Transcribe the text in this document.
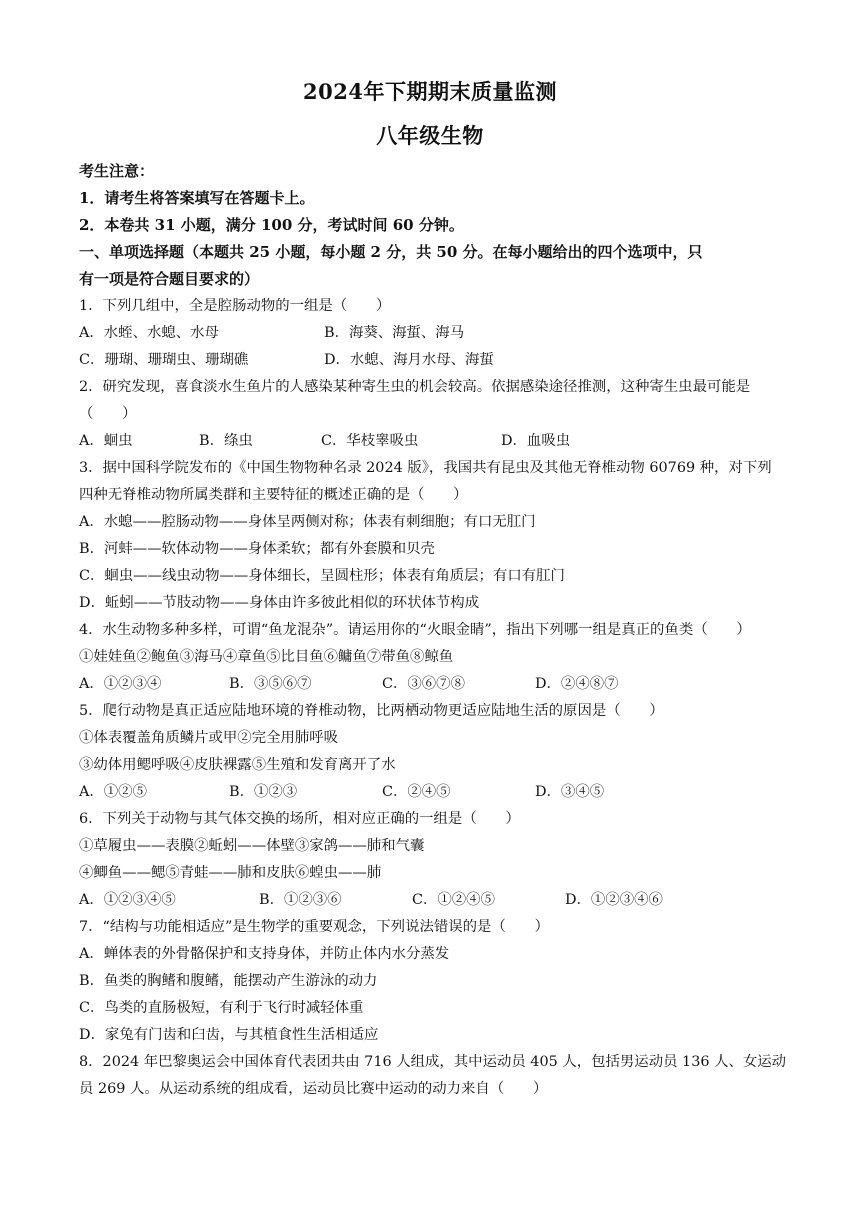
2024年下期期末质量监测
八年级生物
考生注意：
1．请考生将答案填写在答题卡上。
2．本卷共 31 小题，满分 100 分，考试时间 60 分钟。
一、单项选择题（本题共 25 小题，每小题 2 分，共 50 分。在每小题给出的四个选项中，只
有一项是符合题目要求的）
1．下列几组中，全是腔肠动物的一组是（　　）
A．水蛭、水螅、水母	B．海葵、海蜇、海马
C．珊瑚、珊瑚虫、珊瑚礁	D．水螅、海月水母、海蜇
2．研究发现，喜食淡水生鱼片的人感染某种寄生虫的机会较高。依据感染途径推测，这种寄生虫最可能是
（　　）
A．蛔虫	B．绦虫	C．华枝睾吸虫	D．血吸虫
3．据中国科学院发布的《中国生物物种名录 2024 版》，我国共有昆虫及其他无脊椎动物 60769 种，对下列
四种无脊椎动物所属类群和主要特征的概述正确的是（　　）
A．水螅——腔肠动物——身体呈两侧对称；体表有刺细胞；有口无肛门
B．河蚌——软体动物——身体柔软；都有外套膜和贝壳
C．蛔虫——线虫动物——身体细长，呈圆柱形；体表有角质层；有口有肛门
D．蚯蚓——节肢动物——身体由许多彼此相似的环状体节构成
4．水生动物多种多样，可谓“鱼龙混杂”。请运用你的“火眼金睛”，指出下列哪一组是真正的鱼类（　　）
①娃娃鱼②鲍鱼③海马④章鱼⑤比目鱼⑥鳙鱼⑦带鱼⑧鲸鱼
A．①②③④	B．③⑤⑥⑦	C．③⑥⑦⑧	D．②④⑧⑦
5．爬行动物是真正适应陆地环境的脊椎动物，比两栖动物更适应陆地生活的原因是（　　）
①体表覆盖角质鳞片或甲②完全用肺呼吸
③幼体用鳃呼吸④皮肤裸露⑤生殖和发育离开了水
A．①②⑤	B．①②③	C．②④⑤	D．③④⑤
6．下列关于动物与其气体交换的场所，相对应正确的一组是（　　）
①草履虫——表膜②蚯蚓——体壁③家鸽——肺和气囊
④鲫鱼——鳃⑤青蛙——肺和皮肤⑥蝗虫——肺
A．①②③④⑤	B．①②③⑥	C．①②④⑤	D．①②③④⑥
7．“结构与功能相适应”是生物学的重要观念，下列说法错误的是（　　）
A．蝉体表的外骨骼保护和支持身体，并防止体内水分蒸发
B．鱼类的胸鳍和腹鳍，能摆动产生游泳的动力
C．鸟类的直肠极短，有利于飞行时减轻体重
D．家兔有门齿和臼齿，与其植食性生活相适应
8．2024 年巴黎奥运会中国体育代表团共由 716 人组成，其中运动员 405 人，包括男运动员 136 人、女运动
员 269 人。从运动系统的组成看，运动员比赛中运动的动力来自（　　）
